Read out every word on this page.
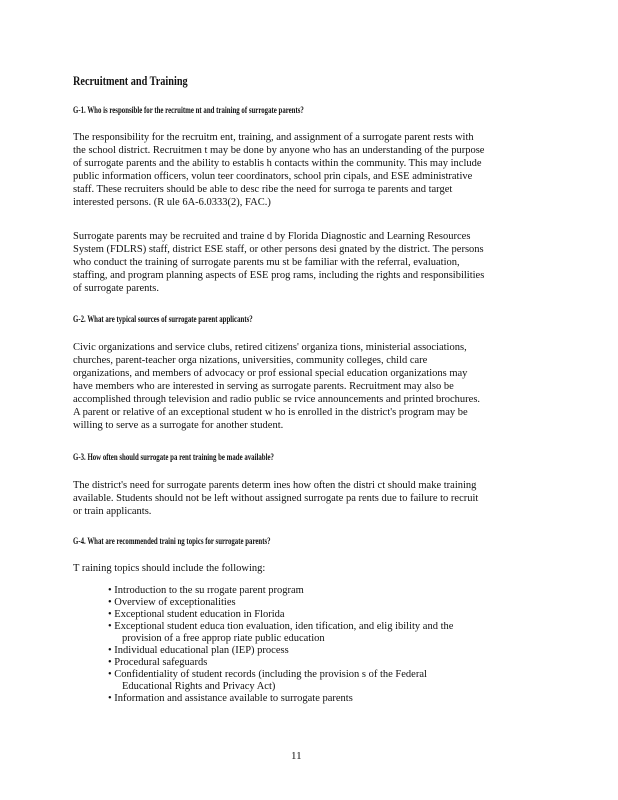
Recruitment and Training
G-1. Who is responsible for the recruitme nt and training of surrogate parents?

The responsibility for the recruitm ent, training, and assignment of a surrogate parent rests with
the school district. Recruitmen t may be done by anyone who has an understanding of the purpose
of surrogate parents and the ability to establis h contacts within the community. This may include
public information officers, volun teer coordinators, school prin cipals, and ESE administrative
staff. These recruiters should be able to desc ribe the need for surroga te parents and target
interested persons. (R ule 6A-6.0333(2), FAC.)

Surrogate parents may be recruited and traine d by Florida Diagnostic and Learning Resources
System (FDLRS) staff, district ESE staff, or other persons desi gnated by the district. The persons
who conduct the training of surrogate parents mu st be familiar with the referral, evaluation,
staffing, and program planning aspects of ESE prog rams, including the rights and responsibilities
of surrogate parents.

G-2. What are typical sources of surrogate parent applicants?

Civic organizations and service clubs, retired citizens' organiza tions, ministerial associations,
churches, parent-teacher orga nizations, universities, community colleges, child care
organizations, and members of advocacy or prof essional special education organizations may
have members who are interested in serving as surrogate parents. Recruitment may also be
accomplished through television and radio public se rvice announcements and printed brochures.
A parent or relative of an exceptional student w ho is enrolled in the district's program may be
willing to serve as a surrogate for another student.

G-3. How often should surrogate pa rent training be made available?

The district's need for surrogate parents determ ines how often the distri ct should make training
available. Students should not be left without assigned surrogate pa rents due to failure to recruit
or train applicants.

G-4. What are recommended traini ng topics for surrogate parents?

T raining topics should include the following:

• Introduction to the su rrogate parent program
• Overview of exceptionalities
• Exceptional student education in Florida
• Exceptional student educa tion evaluation, iden tification, and elig ibility and the
provision of a free approp riate public education
• Individual educational plan (IEP) process
• Procedural safeguards
• Confidentiality of student records (including the provision s of the Federal
Educational Rights and Privacy Act)
• Information and assistance available to surrogate parents
11
